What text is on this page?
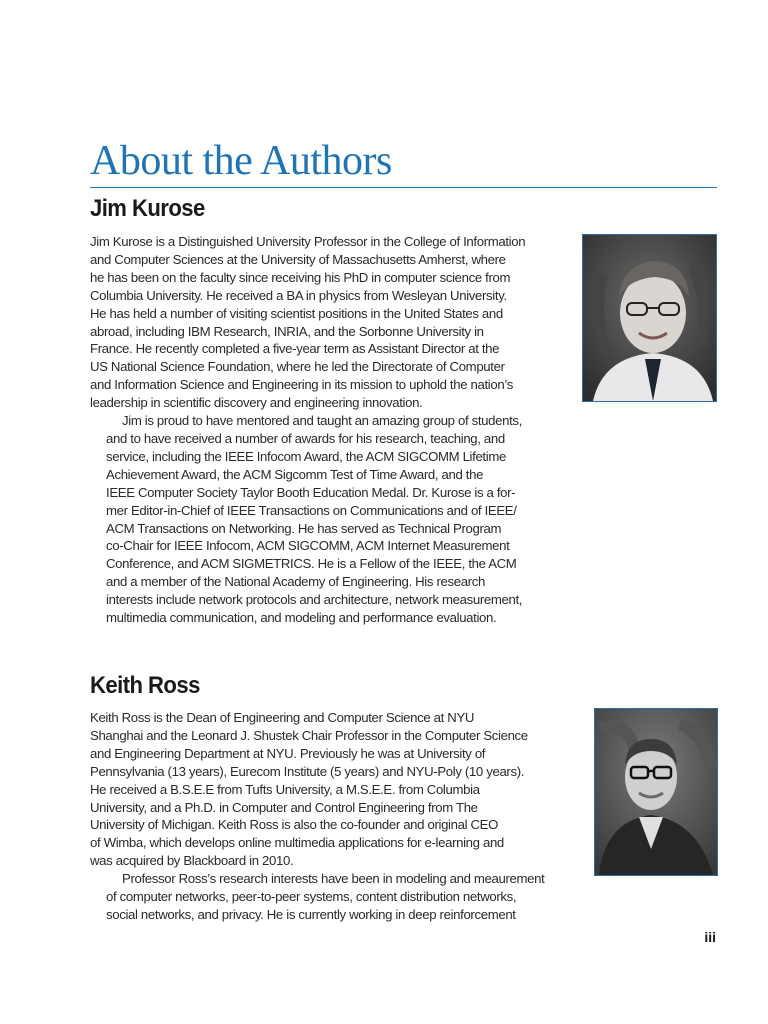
About the Authors
Jim Kurose

Jim Kurose is a Distinguished University Professor in the College of Information
and Computer Sciences at the University of Massachusetts Amherst, where
he has been on the faculty since receiving his PhD in computer science from
Columbia University. He received a BA in physics from Wesleyan University.
He has held a number of visiting scientist positions in the United States and
abroad, including IBM Research, INRIA, and the Sorbonne University in
France. He recently completed a five-year term as Assistant Director at the
US National Science Foundation, where he led the Directorate of Computer
and Information Science and Engineering in its mission to uphold the nation’s
leadership in scientific discovery and engineering innovation.

Jim is proud to have mentored and taught an amazing group of students,
and to have received a number of awards for his research, teaching, and
service, including the IEEE Infocom Award, the ACM SIGCOMM Lifetime
Achievement Award, the ACM Sigcomm Test of Time Award, and the
IEEE Computer Society Taylor Booth Education Medal. Dr. Kurose is a for-
mer Editor-in-Chief of IEEE Transactions on Communications and of IEEE/
ACM Transactions on Networking. He has served as Technical Program
co-Chair for IEEE Infocom, ACM SIGCOMM, ACM Internet Measurement
Conference, and ACM SIGMETRICS. He is a Fellow of the IEEE, the ACM
and a member of the National Academy of Engineering. His research
interests include network protocols and architecture, network measurement,
multimedia communication, and modeling and performance evaluation.

Keith Ross

Keith Ross is the Dean of Engineering and Computer Science at NYU
Shanghai and the Leonard J. Shustek Chair Professor in the Computer Science
and Engineering Department at NYU. Previously he was at University of
Pennsylvania (13 years), Eurecom Institute (5 years) and NYU-Poly (10 years).
He received a B.S.E.E from Tufts University, a M.S.E.E. from Columbia
University, and a Ph.D. in Computer and Control Engineering from The
University of Michigan. Keith Ross is also the co-founder and original CEO
of Wimba, which develops online multimedia applications for e-learning and
was acquired by Blackboard in 2010.

Professor Ross’s research interests have been in modeling and meaurement
of computer networks, peer-to-peer systems, content distribution networks,
social networks, and privacy. He is currently working in deep reinforcement

iii
